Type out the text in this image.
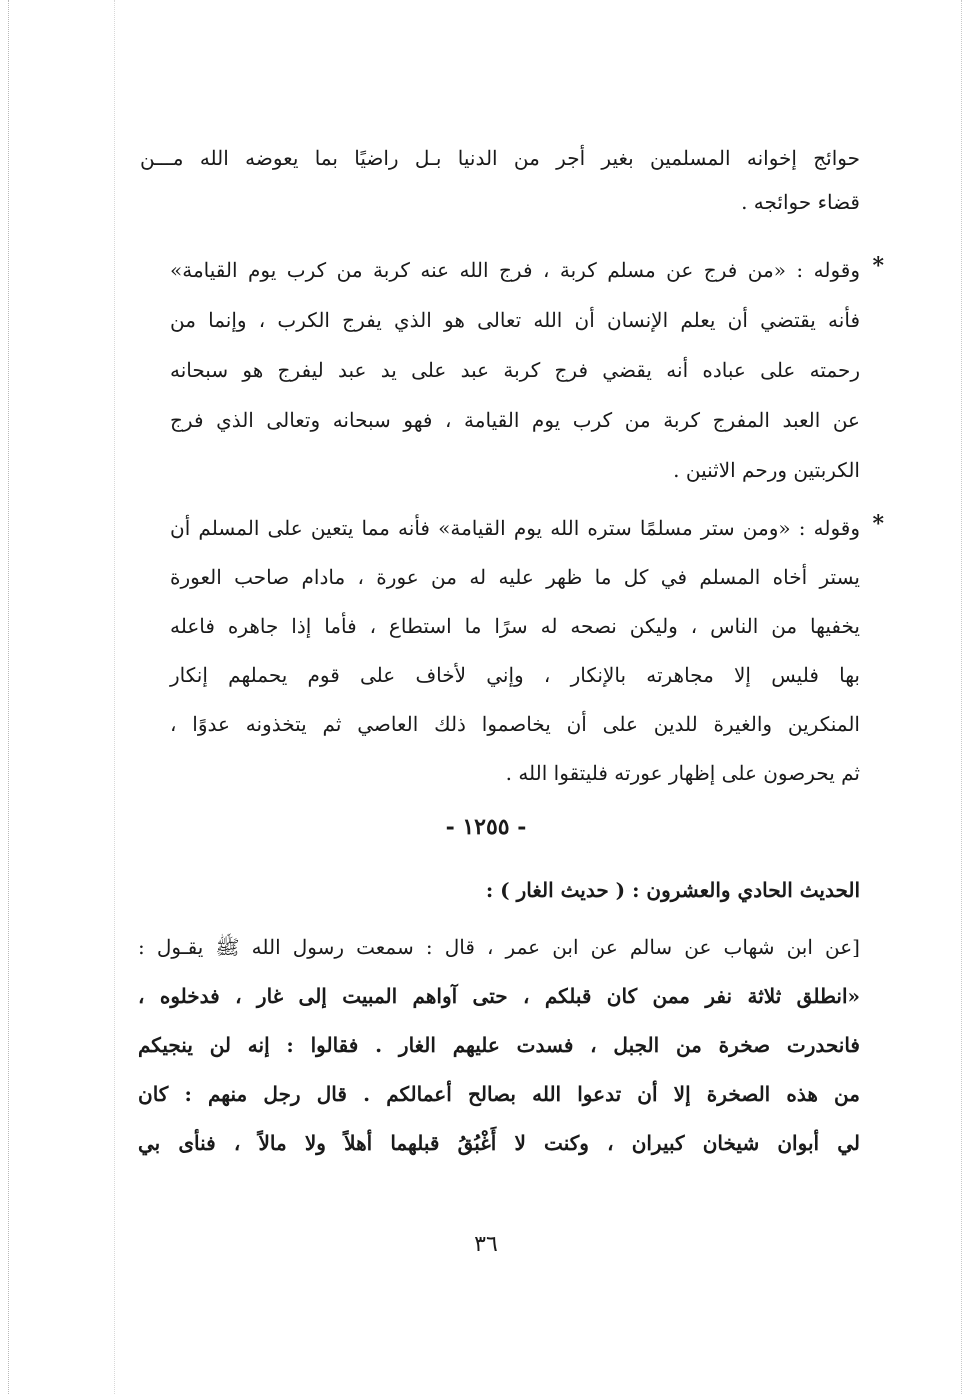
حوائج إخوانه المسلمين بغير أجر من الدنيا بـل راضيًا بما يعوضه الله مـــن
قضاء حوائجه .
*
وقوله : «من فرج عن مسلم كربة ، فرج الله عنه كربة من كرب يوم القيامة»
فأنه يقتضي أن يعلم الإنسان أن الله تعالى هو الذي يفرج الكرب ، وإنما من
رحمته على عباده أنه يقضي فرج كربة عبد على يد عبد ليفرج هو سبحانه
عن العبد المفرج كربة من كرب يوم القيامة ، فهو سبحانه وتعالى الذي فرج
الكربتين ورحم الاثنين .
*
وقوله : «ومن ستر مسلمًا ستره الله يوم القيامة» فأنه مما يتعين على المسلم أن
يستر أخاه المسلم في كل ما ظهر عليه له من عورة ، مادام صاحب العورة
يخفيها من الناس ، وليكن نصحه له سرًا ما استطاع ، فأما إذا جاهره فاعله
بها فليس إلا مجاهرته بالإنكار ، وإني لأخاف على قوم يحملهم إنكار
المنكرين والغيرة للدين على أن يخاصموا ذلك العاصي ثم يتخذونه عدوًا ،
ثم يحرصون على إظهار عورته فليتقوا الله .
- ١٢٥٥ -
الحديث الحادي والعشرون : ( حديث الغار ) :
[عن ابن شهاب عن سالم عن ابن عمر ، قال : سمعت رسول الله ﷺ يقـول :
«انطلق ثلاثة نفر ممن كان قبلكم ، حتى آواهم المبيت إلى غار ، فدخلوه ،
فانحدرت صخرة من الجبل ، فسدت عليهم الغار . فقالوا : إنه لن ينجيكم
من هذه الصخرة إلا أن تدعوا الله بصالح أعمالكم . قال رجل منهم : كان
لي أبوان شيخان كبيران ، وكنت لا أَغْبُقُ قبلهما أهلاً ولا مالاً ، فنأى بي
٣٦
